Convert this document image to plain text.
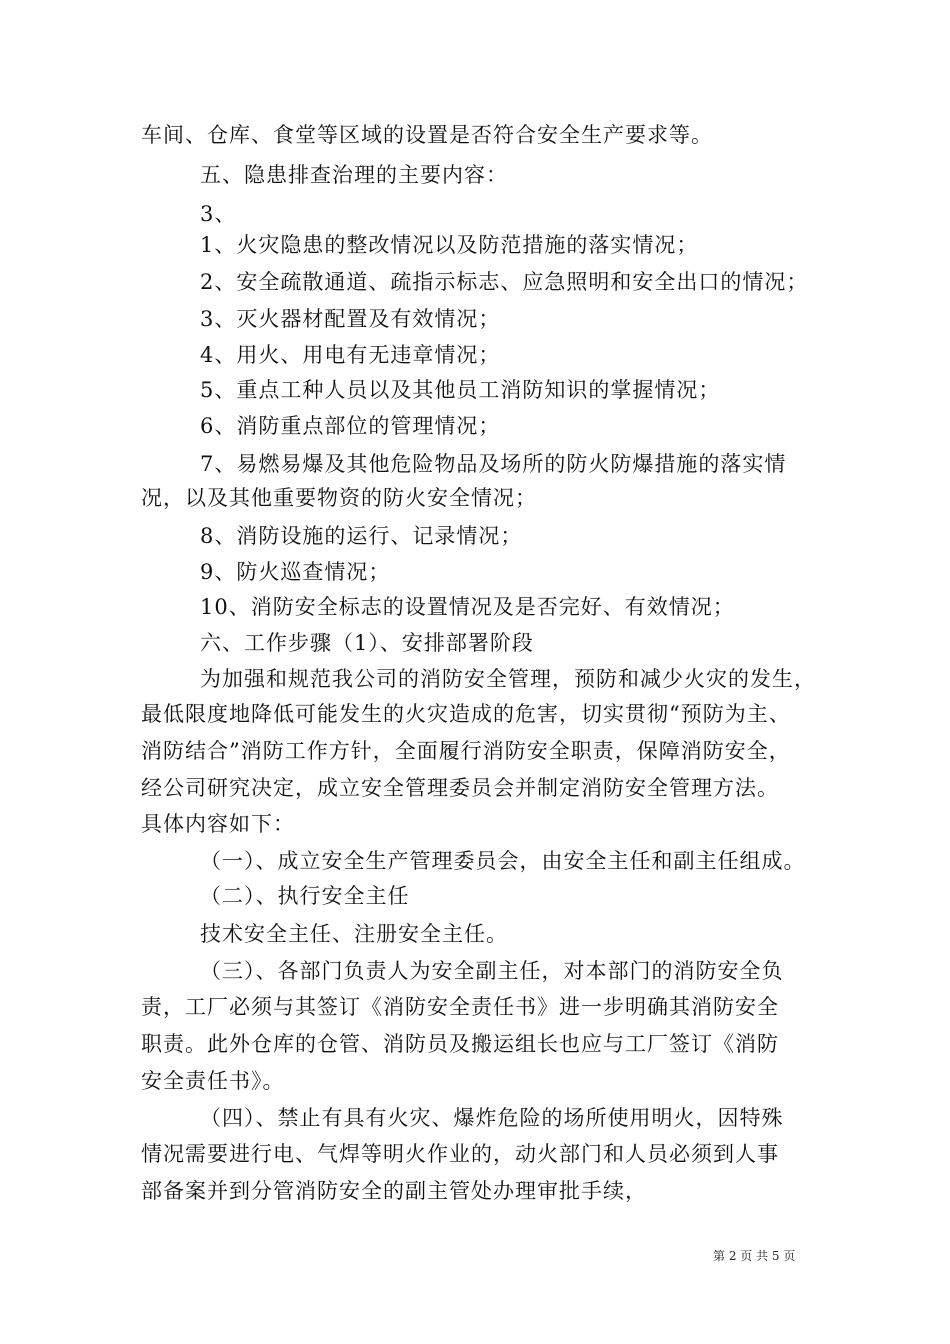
车间、仓库、食堂等区域的设置是否符合安全生产要求等。
五、隐患排查治理的主要内容：
3、
1、火灾隐患的整改情况以及防范措施的落实情况；
2、安全疏散通道、疏指示标志、应急照明和安全出口的情况；
3、灭火器材配置及有效情况；
4、用火、用电有无违章情况；
5、重点工种人员以及其他员工消防知识的掌握情况；
6、消防重点部位的管理情况；
7、易燃易爆及其他危险物品及场所的防火防爆措施的落实情
况，以及其他重要物资的防火安全情况；
8、消防设施的运行、记录情况；
9、防火巡查情况；
10、消防安全标志的设置情况及是否完好、有效情况；
六、工作步骤（1）、安排部署阶段
为加强和规范我公司的消防安全管理，预防和减少火灾的发生，
最低限度地降低可能发生的火灾造成的危害，切实贯彻“预防为主、
消防结合”消防工作方针，全面履行消防安全职责，保障消防安全，
经公司研究决定，成立安全管理委员会并制定消防安全管理方法。
具体内容如下：
（一）、成立安全生产管理委员会，由安全主任和副主任组成。
（二）、执行安全主任
技术安全主任、注册安全主任。
（三）、各部门负责人为安全副主任，对本部门的消防安全负
责，工厂必须与其签订《消防安全责任书》进一步明确其消防安全
职责。此外仓库的仓管、消防员及搬运组长也应与工厂签订《消防
安全责任书》。
（四）、禁止有具有火灾、爆炸危险的场所使用明火，因特殊
情况需要进行电、气焊等明火作业的，动火部门和人员必须到人事
部备案并到分管消防安全的副主管处办理审批手续，
第 2 页 共 5 页
